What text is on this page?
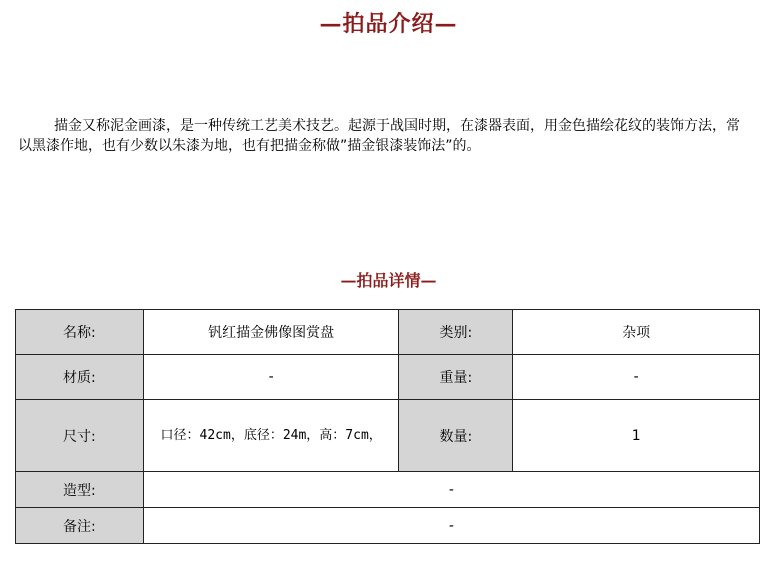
—拍品介绍—

描金又称泥金画漆，是一种传统工艺美术技艺。起源于战国时期，在漆器表面，用金色描绘花纹的装饰方法，常以黑漆作地，也有少数以朱漆为地，也有把描金称做”描金银漆装饰法”的。

—拍品详情—
名称:	钒红描金佛像图赏盘	类别:	杂项
材质:	-	重量:	-
尺寸:	口径：42cm，底径：24m，高：7cm，	数量:	1
造型:	-		
备注:	-		
